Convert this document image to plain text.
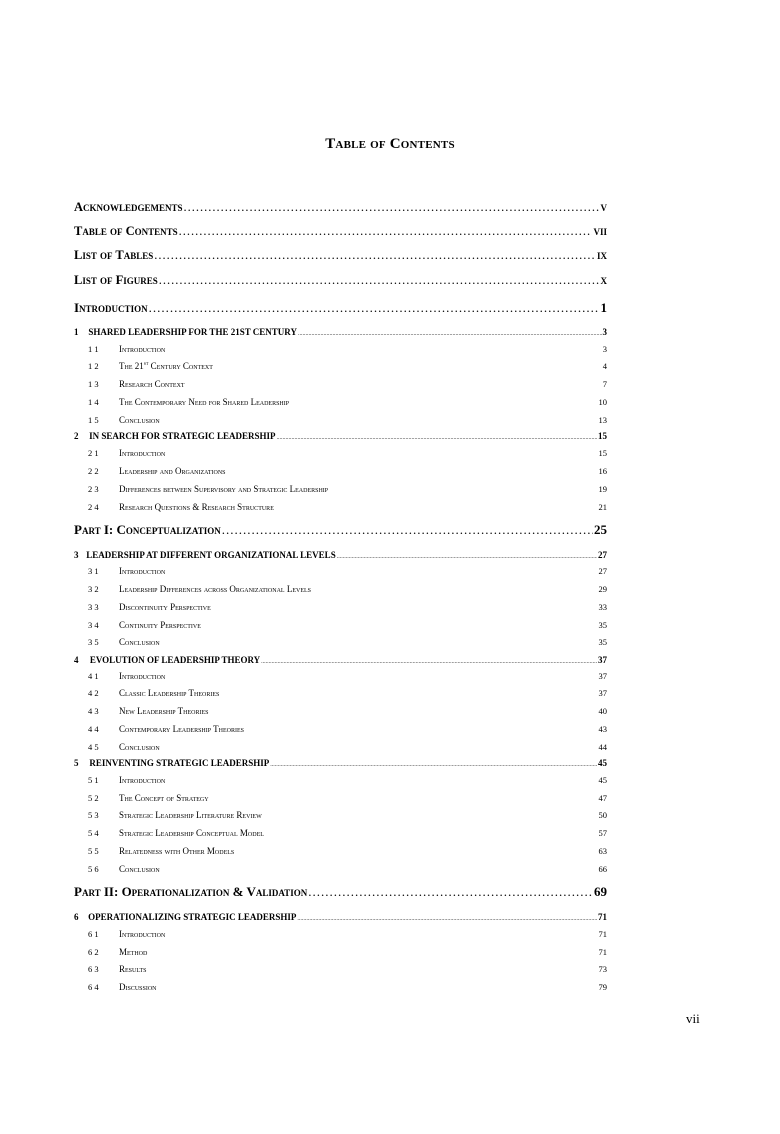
Table of Contents
Acknowledgements .....	v
Table of Contents .....	vii
List of Tables .....	ix
List of Figures .....	x
Introduction .....	1
1	SHARED LEADERSHIP FOR THE 21ST CENTURY .....	3
1 1	Introduction	3
1 2	The 21st Century Context	4
1 3	Research Context	7
1 4	The Contemporary Need for Shared Leadership	10
1 5	Conclusion	13
2	IN SEARCH FOR STRATEGIC LEADERSHIP .....	15
2 1	Introduction	15
2 2	Leadership and Organizations	16
2 3	Differences between Supervisory and Strategic Leadership	19
2 4	Research Questions & Research Structure	21
Part I: Conceptualization .....	25
3 LEADERSHIP AT DIFFERENT ORGANIZATIONAL LEVELS .....	27
3 1	Introduction	27
3 2	Leadership Differences across Organizational Levels	29
3 3	Discontinuity Perspective	33
3 4	Continuity Perspective	35
3 5	Conclusion	35
4	EVOLUTION OF LEADERSHIP THEORY .....	37
4 1	Introduction	37
4 2	Classic Leadership Theories	37
4 3	New Leadership Theories	40
4 4	Contemporary Leadership Theories	43
4 5	Conclusion	44
5	REINVENTING STRATEGIC LEADERSHIP .....	45
5 1	Introduction	45
5 2	The Concept of Strategy	47
5 3	Strategic Leadership Literature Review	50
5 4	Strategic Leadership Conceptual Model	57
5 5	Relatedness with Other Models	63
5 6	Conclusion	66
Part II: Operationalization & Validation .....	69
6	OPERATIONALIZING STRATEGIC LEADERSHIP .....	71
6 1	Introduction	71
6 2	Method	71
6 3	Results	73
6 4	Discussion	79
vii
